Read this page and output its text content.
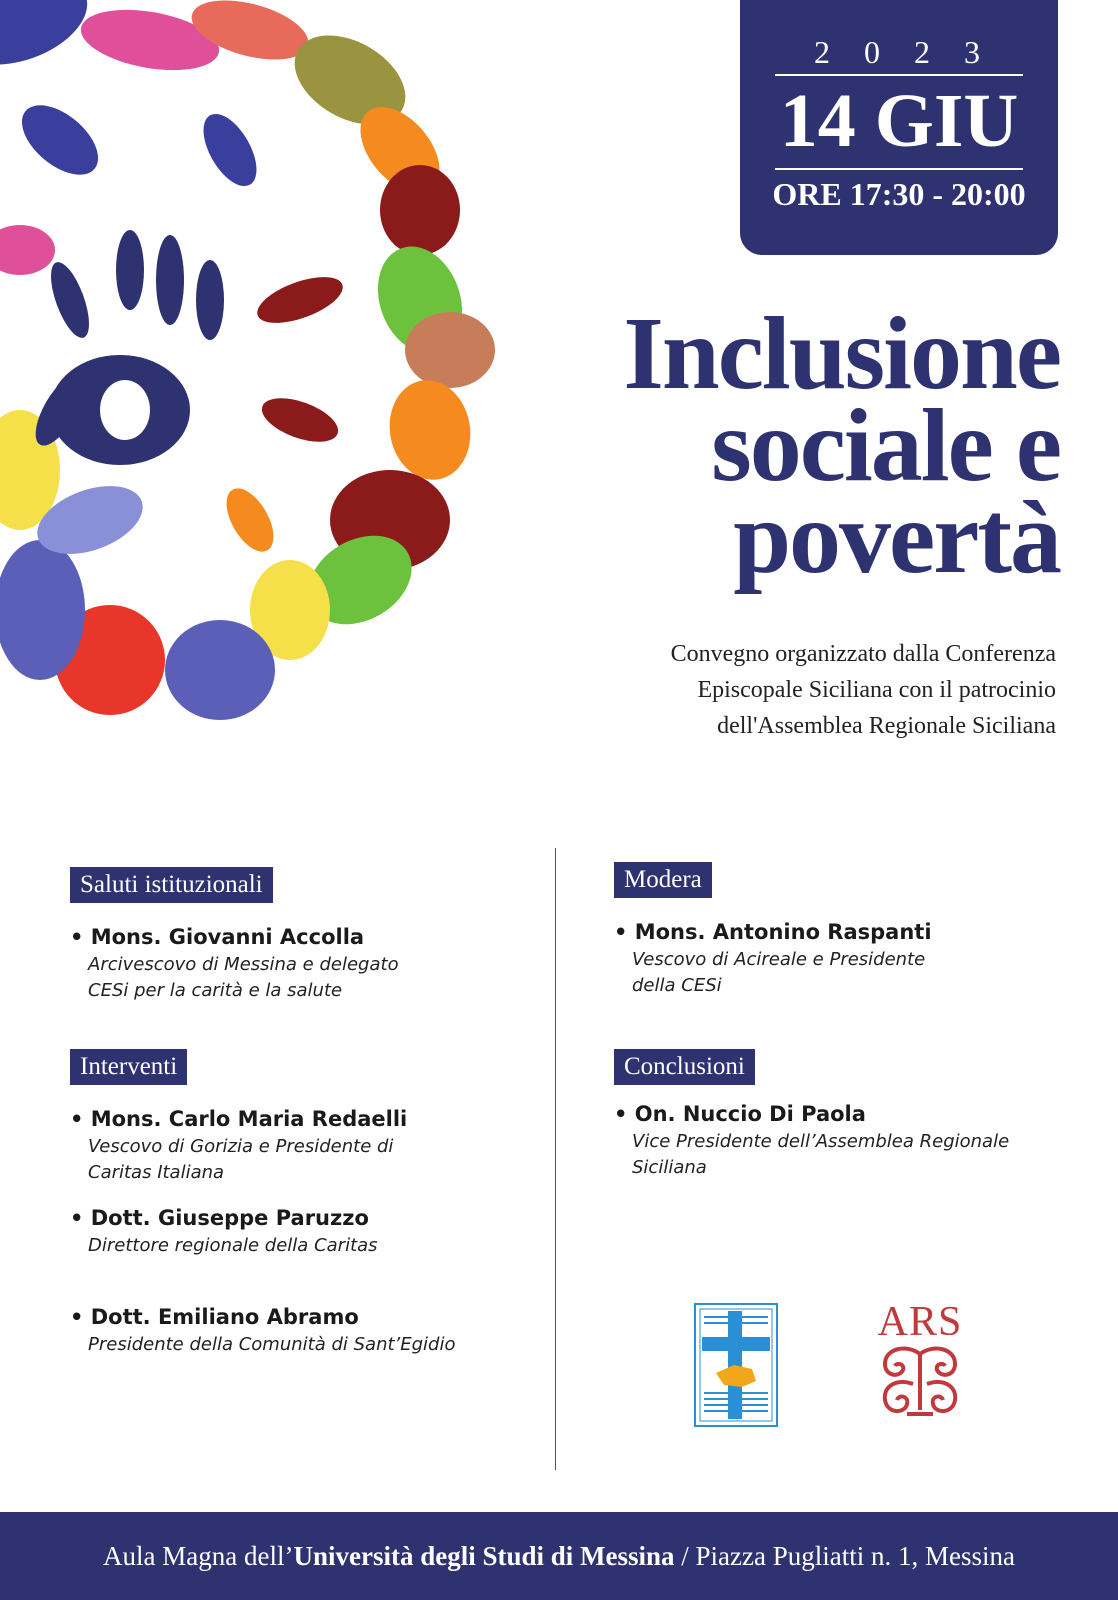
2023
14 GIU
ORE 17:30 - 20:00
Inclusione
sociale e
povertà
Convegno organizzato dalla Conferenza
Episcopale Siciliana con il patrocinio
dell'Assemblea Regionale Siciliana
Saluti istituzionali
• Mons. Giovanni Accolla
Arcivescovo di Messina e delegato
CESi per la carità e la salute
Interventi
• Mons. Carlo Maria Redaelli
Vescovo di Gorizia e Presidente di
Caritas Italiana
• Dott. Giuseppe Paruzzo
Direttore regionale della Caritas
• Dott. Emiliano Abramo
Presidente della Comunità di Sant’Egidio
Modera
• Mons. Antonino Raspanti
Vescovo di Acireale e Presidente
della CESi
Conclusioni
• On. Nuccio Di Paola
Vice Presidente dell’Assemblea Regionale
Siciliana
ARS
Aula Magna dell’Università degli Studi di Messina / Piazza Pugliatti n. 1, Messina
